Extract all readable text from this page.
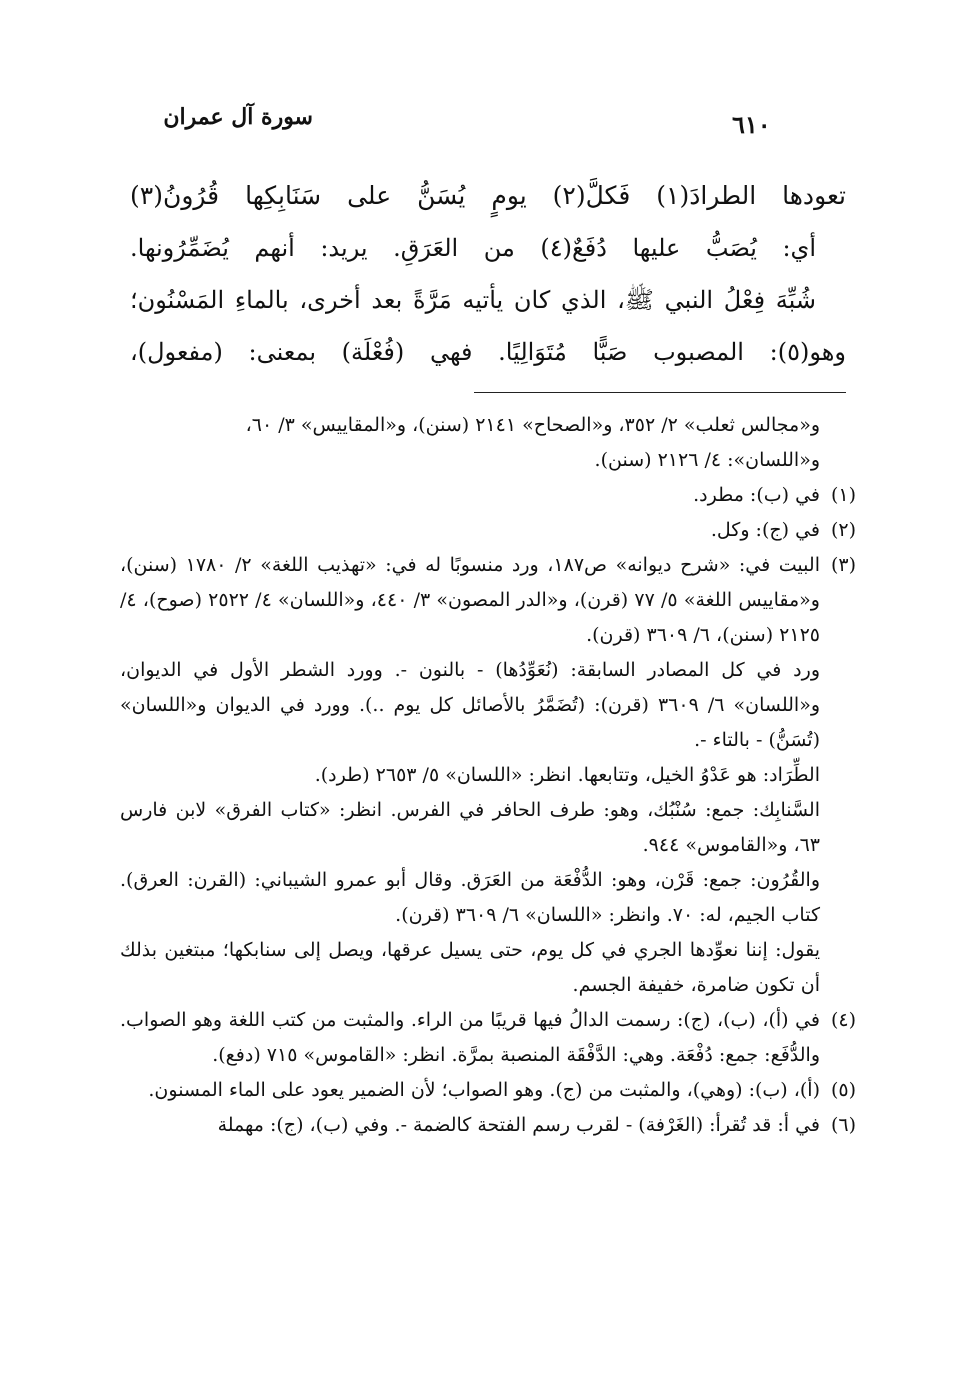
سورة آل عمران	٦١٠
تعودها الطرادَ(١) فَكلَّ(٢) يومٍ يُسَنُّ على سَنَابِكِها قُرُونُ(٣)
أي: يُصَبُّ عليها دُفَعٌ(٤) من العَرَقِ. يريد: أنهم يُضَمِّرُونها.
شُبِّهَ فِعْلُ النبي ﷺ، الذي كان يأتيه مَرَّةً بعد أخرى، بالماءِ المَسْنُون؛
وهو(٥): المصبوب صَبًّا مُتَوَالِيًا. فهي (فُعْلَة) بمعنى: (مفعول)،
و«مجالس ثعلب» ٢/ ٣٥٢، و«الصحاح» ٢١٤١ (سنن)، و«المقاييس» ٣/ ٦٠،
و«اللسان»: ٤/ ٢١٢٦ (سنن).
(١)
في (ب): مطرد.
(٢)
في (ج): وكل.
(٣)
البيت في: «شرح ديوانه» ص١٨٧، ورد منسوبًا له في: «تهذيب اللغة» ٢/ ١٧٨٠ (سنن)، و«مقاييس اللغة» ٥/ ٧٧ (قرن)، و«الدر المصون» ٣/ ٤٤٠، و«اللسان» ٤/ ٢٥٢٢ (صوح)، ٤/ ٢١٢٥ (سنن)، ٦/ ٣٦٠٩ (قرن).
ورد في كل المصادر السابقة: (نُعَوِّدُها) - بالنون -. وورد الشطر الأول في الديوان، و«اللسان» ٦/ ٣٦٠٩ (قرن): (تُضَمَّرُ بالأصائل كل يوم ..). وورد في الديوان و«اللسان» (تُسَنُّ) - بالتاء -.
الطِّرَاد: هو عَدْوُ الخيل، وتتابعها. انظر: «اللسان» ٥/ ٢٦٥٣ (طرد).
السَّنابِك: جمع: سُنْبُك، وهو: طرف الحافر في الفرس. انظر: «كتاب الفرق» لابن فارس ٦٣، و«القاموس» ٩٤٤.
والقُرُون: جمع: قَرْن، وهو: الدُّفْعَة من العَرَق. وقال أبو عمرو الشيباني: (القرن: العرق). كتاب الجيم، له: ٧٠. وانظر: «اللسان» ٦/ ٣٦٠٩ (قرن).
يقول: إننا نعوِّدها الجري في كل يوم، حتى يسيل عرقها، ويصل إلى سنابكها؛ مبتغين بذلك أن تكون ضامرة، خفيفة الجسم.
(٤)
في (أ)، (ب)، (ج): رسمت الدالُ فيها قريبًا من الراء. والمثبت من كتب اللغة وهو الصواب. والدُّفَع: جمع: دُفْعَة. وهي: الدَّفْقَة المنصبة بمرَّة. انظر: «القاموس» ٧١٥ (دفع).
(٥)
(أ)، (ب): (وهي)، والمثبت من (ج). وهو الصواب؛ لأن الضمير يعود على الماء المسنون.
(٦)
في أ: قد تُقرأ: (الغَرْفة) - لقرب رسم الفتحة كالضمة -. وفي (ب)، (ج): مهملة
